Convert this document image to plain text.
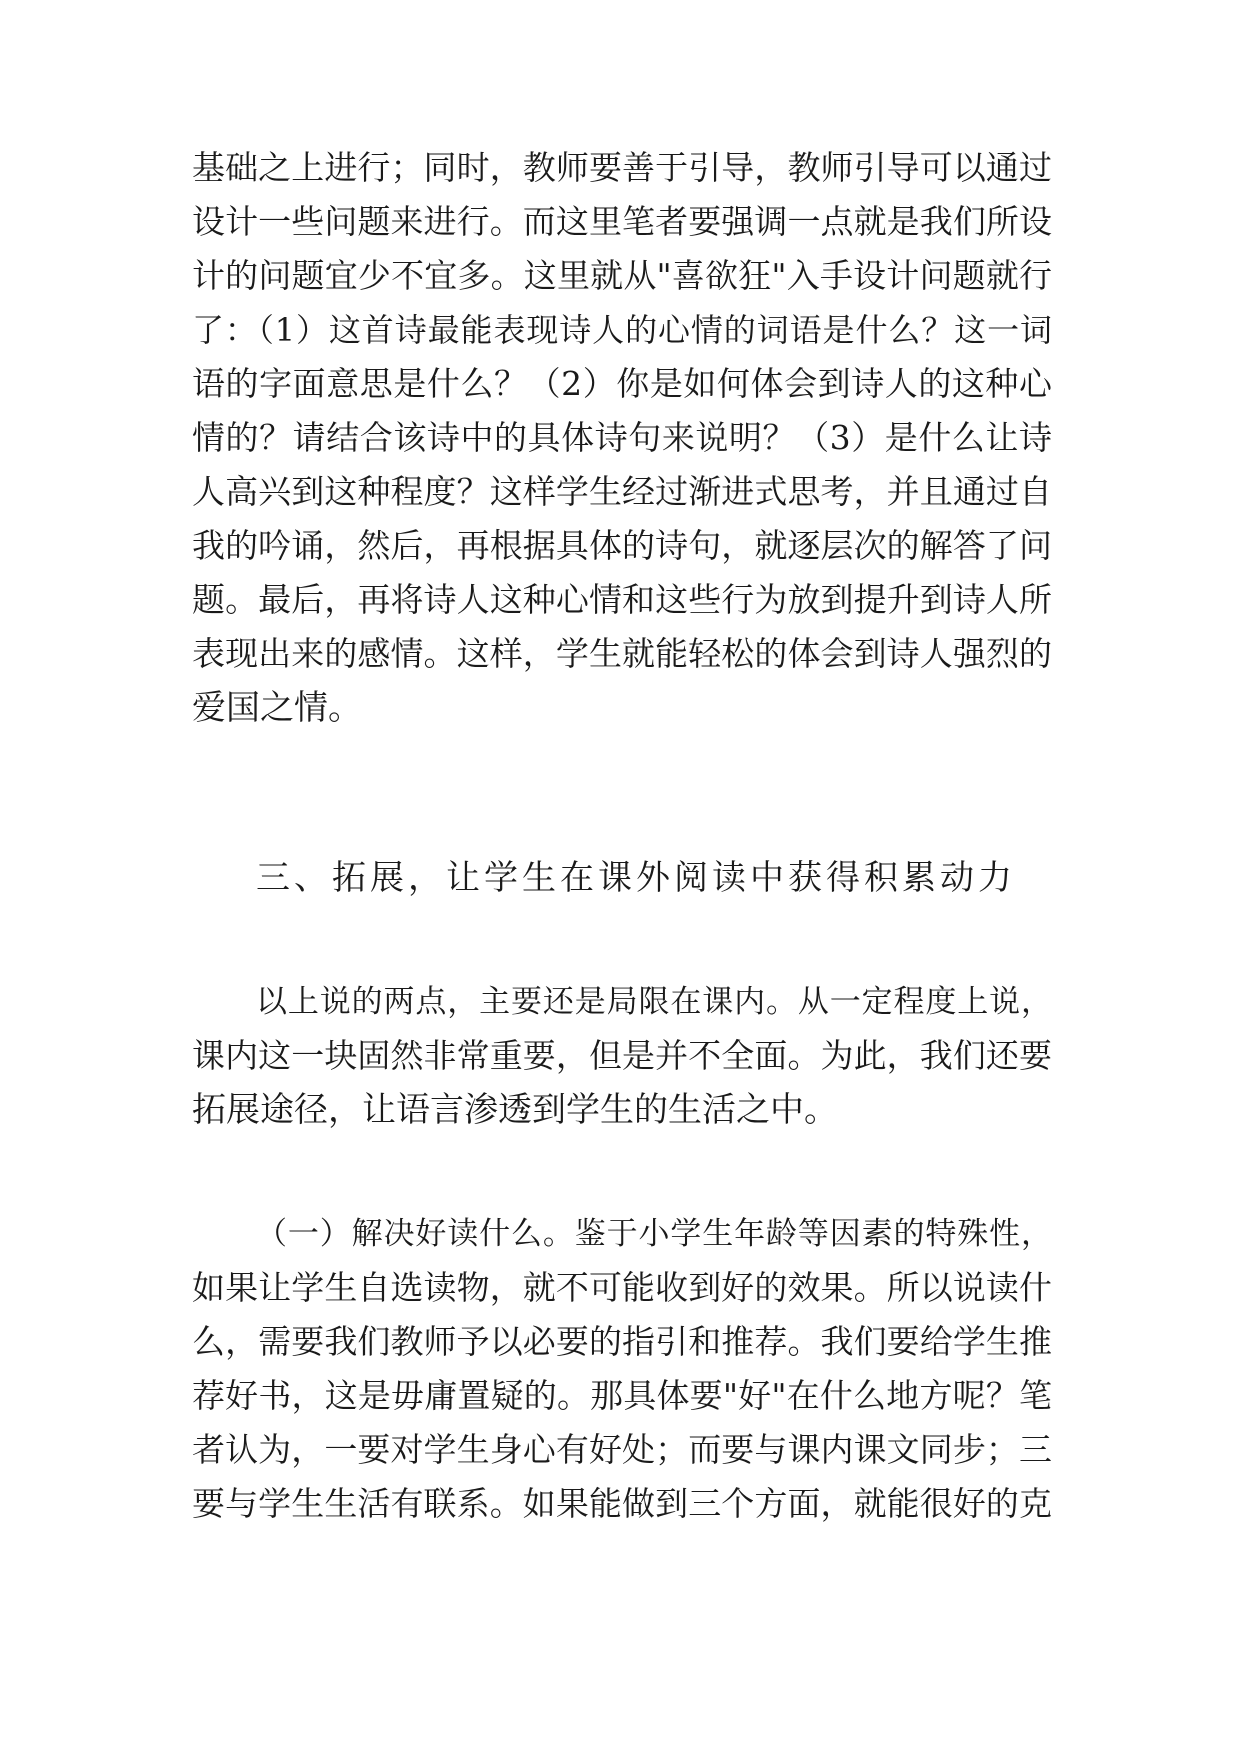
基础之上进行；同时，教师要善于引导，教师引导可以通过
设计一些问题来进行。而这里笔者要强调一点就是我们所设
计的问题宜少不宜多。这里就从"喜欲狂"入手设计问题就行
了：（1）这首诗最能表现诗人的心情的词语是什么？这一词
语的字面意思是什么？（2）你是如何体会到诗人的这种心
情的？请结合该诗中的具体诗句来说明？（3）是什么让诗
人高兴到这种程度？这样学生经过渐进式思考，并且通过自
我的吟诵，然后，再根据具体的诗句，就逐层次的解答了问
题。最后，再将诗人这种心情和这些行为放到提升到诗人所
表现出来的感情。这样，学生就能轻松的体会到诗人强烈的
爱国之情。
三、拓展，让学生在课外阅读中获得积累动力
以上说的两点，主要还是局限在课内。从一定程度上说，
课内这一块固然非常重要，但是并不全面。为此，我们还要
拓展途径，让语言渗透到学生的生活之中。
（一）解决好读什么。鉴于小学生年龄等因素的特殊性，
如果让学生自选读物，就不可能收到好的效果。所以说读什
么，需要我们教师予以必要的指引和推荐。我们要给学生推
荐好书，这是毋庸置疑的。那具体要"好"在什么地方呢？笔
者认为，一要对学生身心有好处；而要与课内课文同步；三
要与学生生活有联系。如果能做到三个方面，就能很好的克
